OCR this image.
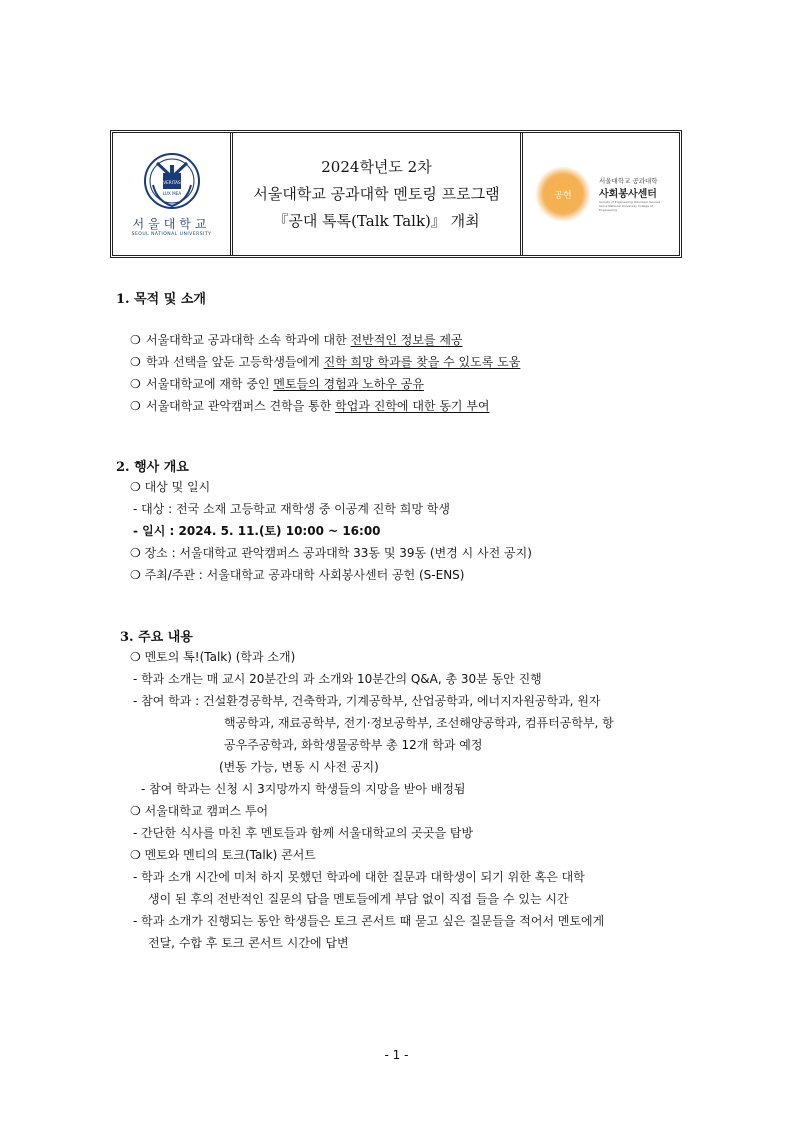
VERITAS
LUX MEA
서울대학교
SEOUL NATIONAL UNIVERSITY
2024학년도 2차
서울대학교 공과대학 멘토링 프로그램
『공대 톡톡(Talk Talk)』 개최
공헌
서울대학교 공과대학
사회봉사센터
Society of Engineering Volunteer Service Seoul National University College of Engineering
1. 목적 및 소개
❍ 서울대학교 공과대학 소속 학과에 대한 전반적인 정보를 제공
❍ 학과 선택을 앞둔 고등학생들에게 진학 희망 학과를 찾을 수 있도록 도움
❍ 서울대학교에 재학 중인 멘토들의 경험과 노하우 공유
❍ 서울대학교 관악캠퍼스 견학을 통한 학업과 진학에 대한 동기 부여
2. 행사 개요
❍ 대상 및 일시
- 대상 : 전국 소재 고등학교 재학생 중 이공계 진학 희망 학생
- 일시 : 2024. 5. 11.(토) 10:00 ~ 16:00
❍ 장소 : 서울대학교 관악캠퍼스 공과대학 33동 및 39동 (변경 시 사전 공지)
❍ 주최/주관 : 서울대학교 공과대학 사회봉사센터 공헌 (S-ENS)
3. 주요 내용
❍ 멘토의 톡!(Talk) (학과 소개)
- 학과 소개는 매 교시 20분간의 과 소개와 10분간의 Q&A, 총 30분 동안 진행
- 참여 학과 : 건설환경공학부, 건축학과, 기계공학부, 산업공학과, 에너지자원공학과, 원자
핵공학과, 재료공학부, 전기·정보공학부, 조선해양공학과, 컴퓨터공학부, 항
공우주공학과, 화학생물공학부 총 12개 학과 예정
(변동 가능, 변동 시 사전 공지)
- 참여 학과는 신청 시 3지망까지 학생들의 지망을 받아 배정됨
❍ 서울대학교 캠퍼스 투어
- 간단한 식사를 마친 후 멘토들과 함께 서울대학교의 곳곳을 탐방
❍ 멘토와 멘티의 토크(Talk) 콘서트
- 학과 소개 시간에 미처 하지 못했던 학과에 대한 질문과 대학생이 되기 위한 혹은 대학
생이 된 후의 전반적인 질문의 답을 멘토들에게 부담 없이 직접 들을 수 있는 시간
- 학과 소개가 진행되는 동안 학생들은 토크 콘서트 때 묻고 싶은 질문들을 적어서 멘토에게
전달, 수합 후 토크 콘서트 시간에 답변
- 1 -
